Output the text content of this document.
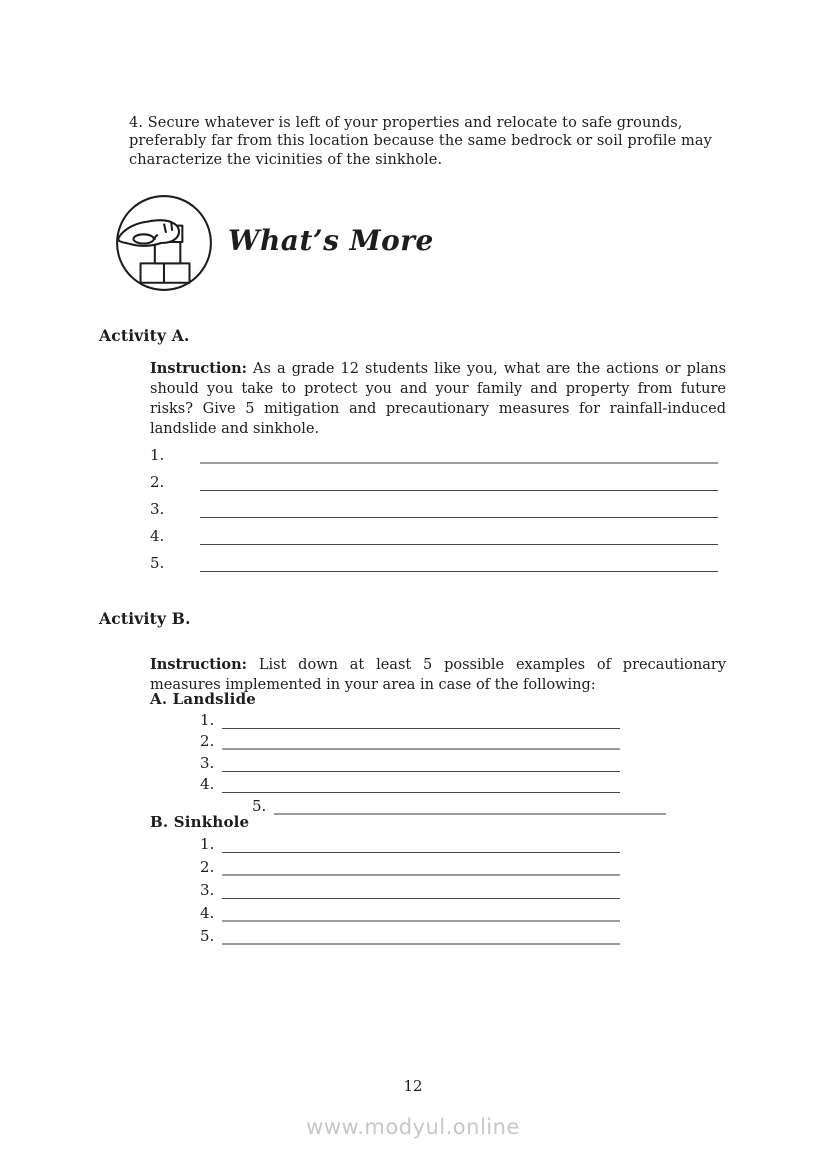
4. Secure whatever is left of your properties and relocate to safe grounds, preferably far from this location because the same bedrock or soil profile may characterize the vicinities of the sinkhole.

What’s More
Activity A.

Instruction: As a grade 12 students like you, what are the actions or plans should you take to protect you and your family and property from future risks? Give 5 mitigation and precautionary measures for rainfall-induced landslide and sinkhole.

1.
2.
3.
4.
5.
Activity B.

Instruction: List down at least 5 possible examples of precautionary measures implemented in your area in case of the following:

A. Landslide
1.
2.
3.
4.
5.
B. Sinkhole
1.
2.
3.
4.
5.
12
www.modyul.online
